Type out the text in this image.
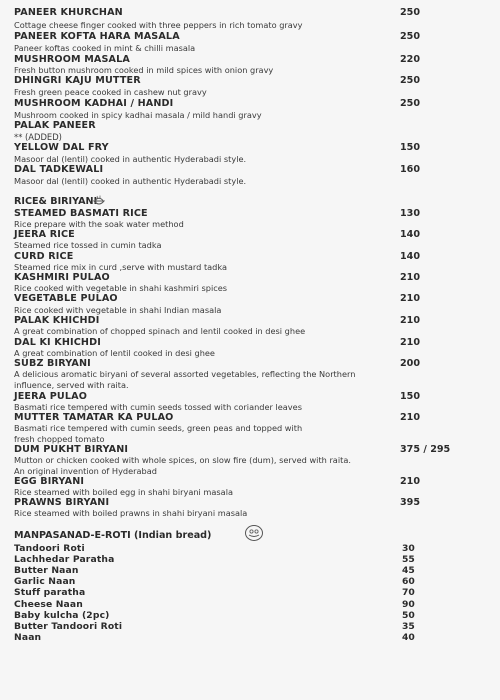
PANEER KHURCHAN	250
Cottage cheese finger cooked with three peppers in rich tomato gravy
PANEER KOFTA HARA MASALA	250
Paneer koftas cooked in mint & chilli masala
MUSHROOM MASALA	220
Fresh button mushroom cooked in mild spices with onion gravy
DHINGRI KAJU MUTTER	250
Fresh green peace cooked in cashew nut gravy
MUSHROOM KADHAI / HANDI	250
Mushroom cooked in spicy kadhai masala / mild handi gravy
PALAK PANEER
** (ADDED)
YELLOW DAL FRY	150
Masoor dal (lentil) cooked in authentic Hyderabadi style.
DAL TADKEWALI	160
Masoor dal (lentil) cooked in authentic Hyderabadi style.
RICE& BIRIYANI
STEAMED BASMATI RICE	130
Rice prepare with the soak water method
JEERA RICE	140
Steamed rice tossed in cumin tadka
CURD RICE	140
Steamed rice mix in curd ,serve with mustard tadka
KASHMIRI PULAO	210
Rice cooked with vegetable in shahi kashmiri spices
VEGETABLE PULAO	210
Rice cooked with vegetable in shahi Indian masala
PALAK KHICHDI	210
A great combination of chopped spinach and lentil cooked in desi ghee
DAL KI KHICHDI	210
A great combination of lentil cooked in desi ghee
SUBZ BIRYANI	200
A delicious aromatic biryani of several assorted vegetables, reflecting the Northern
influence, served with raita.
JEERA PULAO	150
Basmati rice tempered with cumin seeds tossed with coriander leaves
MUTTER TAMATAR KA PULAO	210
Basmati rice tempered with cumin seeds, green peas and topped with
fresh chopped tomato
DUM PUKHT BIRYANI	375 / 295
Mutton or chicken cooked with whole spices, on slow fire (dum), served with raita.
An original invention of Hyderabad
EGG BIRYANI	210
Rice steamed with boiled egg in shahi biryani masala
PRAWNS BIRYANI	395
Rice steamed with boiled prawns in shahi biryani masala
MANPASANAD-E-ROTI (Indian bread)
Tandoori Roti	30
Lachhedar Paratha	55
Butter Naan	45
Garlic Naan	60
Stuff paratha	70
Cheese Naan	90
Baby kulcha (2pc)	50
Butter Tandoori Roti	35
Naan	40
